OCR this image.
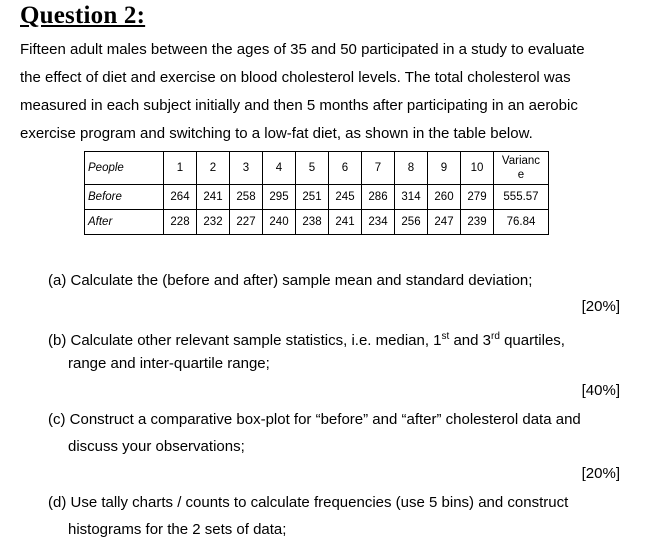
Question 2:
Fifteen adult males between the ages of 35 and 50 participated in a study to evaluate
the effect of diet and exercise on blood cholesterol levels. The total cholesterol was
measured in each subject initially and then 5 months after participating in an aerobic
exercise program and switching to a low-fat diet, as shown in the table below.
People	1	2	3	4	5	6	7	8	9	10	Varianc
e
Before	264	241	258	295	251	245	286	314	260	279	555.57
After	228	232	227	240	238	241	234	256	247	239	76.84
(a) Calculate the (before and after) sample mean and standard deviation;
[20%]
(b) Calculate other relevant sample statistics, i.e. median, 1st and 3rd quartiles,
range and inter-quartile range;
[40%]
(c) Construct a comparative box-plot for “before” and “after” cholesterol data and
discuss your observations;
[20%]
(d) Use tally charts / counts to calculate frequencies (use 5 bins) and construct
histograms for the 2 sets of data;
